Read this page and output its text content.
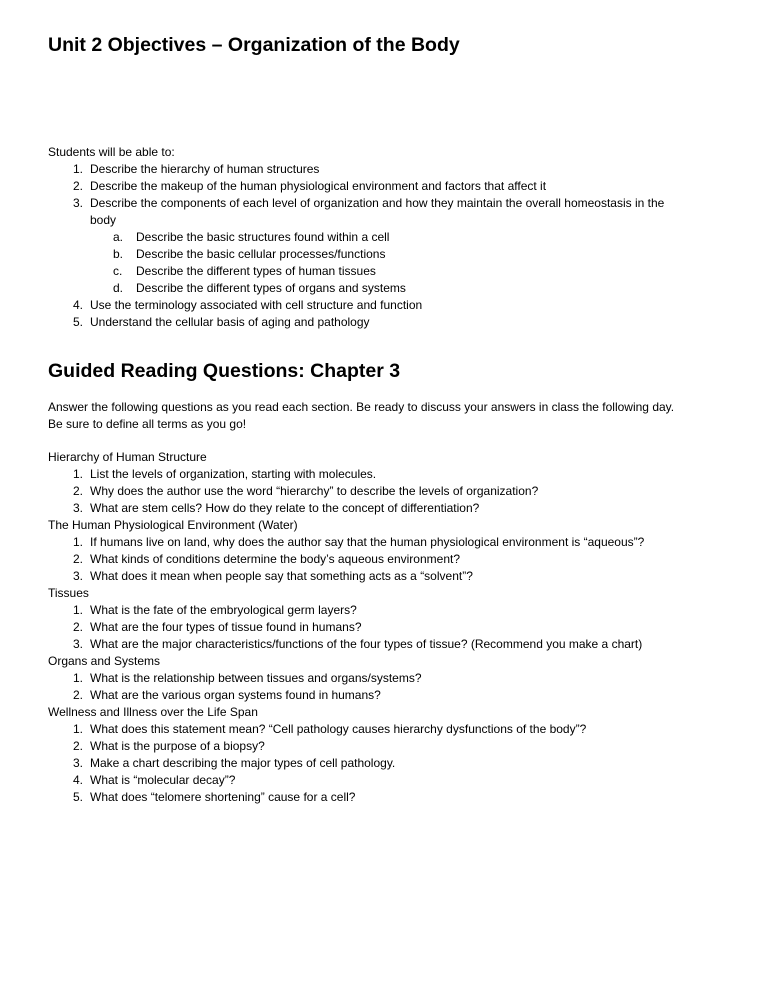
Unit 2 Objectives – Organization of the Body
Students will be able to:
1. Describe the hierarchy of human structures
2. Describe the makeup of the human physiological environment and factors that affect it
3. Describe the components of each level of organization and how they maintain the overall homeostasis in the
body
a. Describe the basic structures found within a cell
b. Describe the basic cellular processes/functions
c. Describe the different types of human tissues
d. Describe the different types of organs and systems
4. Use the terminology associated with cell structure and function
5. Understand the cellular basis of aging and pathology
Guided Reading Questions: Chapter 3
Answer the following questions as you read each section. Be ready to discuss your answers in class the following day.
Be sure to define all terms as you go!
Hierarchy of Human Structure
1. List the levels of organization, starting with molecules.
2. Why does the author use the word “hierarchy” to describe the levels of organization?
3. What are stem cells? How do they relate to the concept of differentiation?
The Human Physiological Environment (Water)
1. If humans live on land, why does the author say that the human physiological environment is “aqueous”?
2. What kinds of conditions determine the body’s aqueous environment?
3. What does it mean when people say that something acts as a “solvent”?
Tissues
1. What is the fate of the embryological germ layers?
2. What are the four types of tissue found in humans?
3. What are the major characteristics/functions of the four types of tissue? (Recommend you make a chart)
Organs and Systems
1. What is the relationship between tissues and organs/systems?
2. What are the various organ systems found in humans?
Wellness and Illness over the Life Span
1. What does this statement mean? “Cell pathology causes hierarchy dysfunctions of the body”?
2. What is the purpose of a biopsy?
3. Make a chart describing the major types of cell pathology.
4. What is “molecular decay”?
5. What does “telomere shortening” cause for a cell?
